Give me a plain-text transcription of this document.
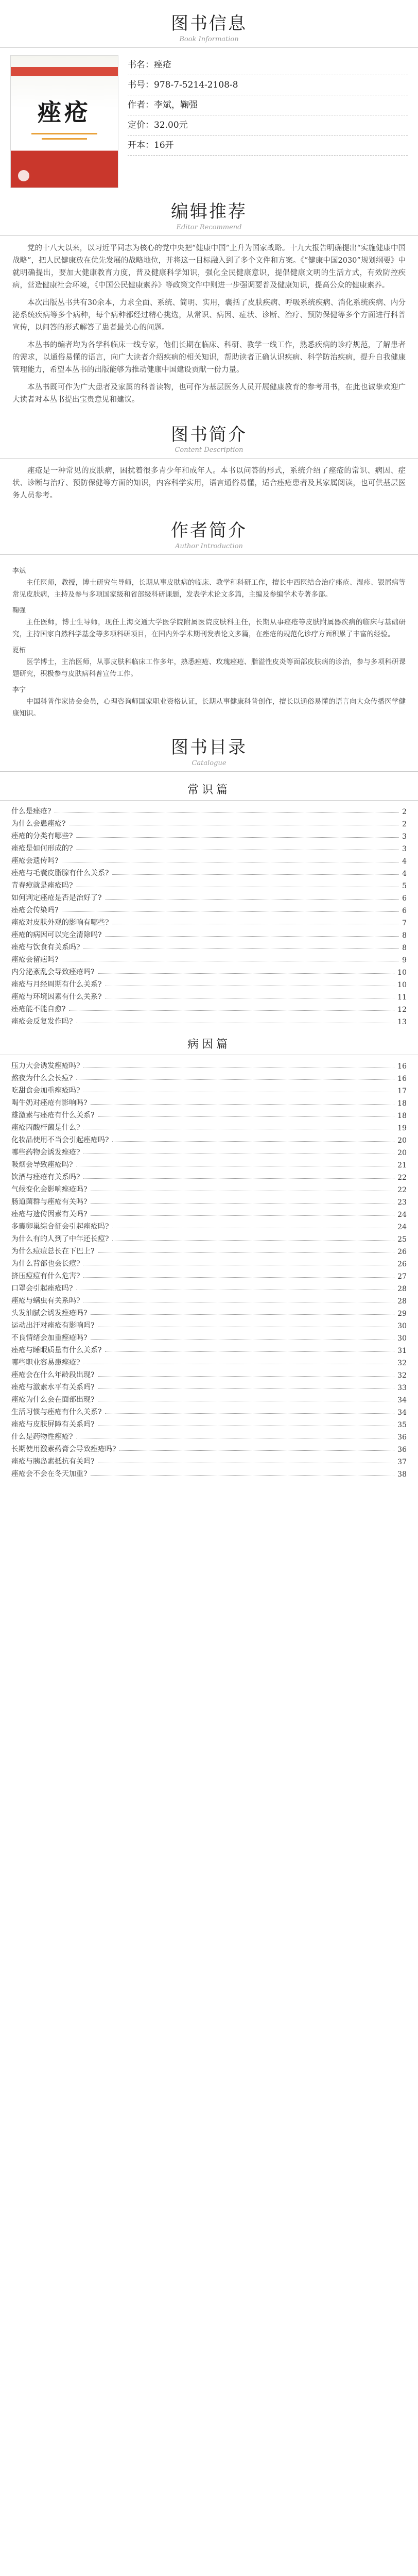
图书信息
Book Information
痤疮
书名：痤疮
书号：978-7-5214-2108-8
作者：李斌，鞠强
定价：32.00元
开本：16开
编辑推荐
Editor Recommend

党的十八大以来，以习近平同志为核心的党中央把“健康中国”上升为国家战略。十九大报告明确提出“实施健康中国战略”，把人民健康放在优先发展的战略地位，并将这一目标融入到了多个文件和方案。《“健康中国2030”规划纲要》中就明确提出，要加大健康教育力度，普及健康科学知识，强化全民健康意识，提倡健康文明的生活方式，有效防控疾病，营造健康社会环境，《中国公民健康素养》等政策文件中则进一步强调要普及健康知识，提高公众的健康素养。

本次出版丛书共有30余本，力求全面、系统、简明、实用，囊括了皮肤疾病、呼吸系统疾病、消化系统疾病、内分泌系统疾病等多个病种，每个病种都经过精心挑选，从常识、病因、症状、诊断、治疗、预防保健等多个方面进行科普宣传，以问答的形式解答了患者最关心的问题。

本丛书的编者均为各学科临床一线专家，他们长期在临床、科研、教学一线工作，熟悉疾病的诊疗规范，了解患者的需求，以通俗易懂的语言，向广大读者介绍疾病的相关知识，帮助读者正确认识疾病、科学防治疾病，提升自我健康管理能力，希望本丛书的出版能够为推动健康中国建设贡献一份力量。

本丛书既可作为广大患者及家属的科普读物，也可作为基层医务人员开展健康教育的参考用书，在此也诚挚欢迎广大读者对本丛书提出宝贵意见和建议。

图书简介
Content Description

痤疮是一种常见的皮肤病，困扰着很多青少年和成年人。本书以问答的形式，系统介绍了痤疮的常识、病因、症状、诊断与治疗、预防保健等方面的知识，内容科学实用，语言通俗易懂，适合痤疮患者及其家属阅读，也可供基层医务人员参考。

作者简介
Author Introduction
李斌

主任医师，教授，博士研究生导师，长期从事皮肤病的临床、教学和科研工作，擅长中西医结合治疗痤疮、湿疹、银屑病等常见皮肤病，主持及参与多项国家级和省部级科研课题，发表学术论文多篇，主编及参编学术专著多部。

鞠强

主任医师，博士生导师，现任上海交通大学医学院附属医院皮肤科主任，长期从事痤疮等皮肤附属器疾病的临床与基础研究，主持国家自然科学基金等多项科研项目，在国内外学术期刊发表论文多篇，在痤疮的规范化诊疗方面积累了丰富的经验。

夏柘

医学博士，主治医师，从事皮肤科临床工作多年，熟悉痤疮、玫瑰痤疮、脂溢性皮炎等面部皮肤病的诊治，参与多项科研课题研究，积极参与皮肤病科普宣传工作。

李宁

中国科普作家协会会员，心理咨询师国家职业资格认证，长期从事健康科普创作，擅长以通俗易懂的语言向大众传播医学健康知识。

图书目录
Catalogue
常识篇
什么是痤疮?	2
为什么会患痤疮?	2
痤疮的分类有哪些?	3
痤疮是如何形成的?	3
痤疮会遗传吗?	4
痤疮与毛囊皮脂腺有什么关系?	4
青春痘就是痤疮吗?	5
如何判定痤疮是否是治好了?	6
痤疮会传染吗?	6
痤疮对皮肤外观的影响有哪些?	7
痤疮的病因可以完全清除吗?	8
痤疮与饮食有关系吗?	8
痤疮会留疤吗?	9
内分泌紊乱会导致痤疮吗?	10
痤疮与月经周期有什么关系?	10
痤疮与环境因素有什么关系?	11
痤疮能不能自愈?	12
痤疮会反复发作吗?	13
病因篇
压力大会诱发痤疮吗?	16
熬夜为什么会长痘?	16
吃甜食会加重痤疮吗?	17
喝牛奶对痤疮有影响吗?	18
雄激素与痤疮有什么关系?	18
痤疮丙酸杆菌是什么?	19
化妆品使用不当会引起痤疮吗?	20
哪些药物会诱发痤疮?	20
吸烟会导致痤疮吗?	21
饮酒与痤疮有关系吗?	22
气候变化会影响痤疮吗?	22
肠道菌群与痤疮有关吗?	23
痤疮与遗传因素有关吗?	24
多囊卵巢综合征会引起痤疮吗?	24
为什么有的人到了中年还长痘?	25
为什么痘痘总长在下巴上?	26
为什么背部也会长痘?	26
挤压痘痘有什么危害?	27
口罩会引起痤疮吗?	28
痤疮与螨虫有关系吗?	28
头发油腻会诱发痤疮吗?	29
运动出汗对痤疮有影响吗?	30
不良情绪会加重痤疮吗?	30
痤疮与睡眠质量有什么关系?	31
哪些职业容易患痤疮?	32
痤疮会在什么年龄段出现?	32
痤疮与激素水平有关系吗?	33
痤疮为什么会在面部出现?	34
生活习惯与痤疮有什么关系?	34
痤疮与皮肤屏障有关系吗?	35
什么是药物性痤疮?	36
长期使用激素药膏会导致痤疮吗?	36
痤疮与胰岛素抵抗有关吗?	37
痤疮会不会在冬天加重?	38
